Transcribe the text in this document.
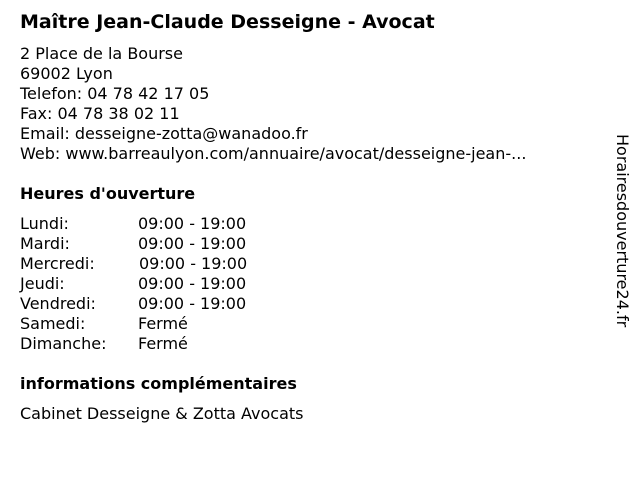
Maître Jean-Claude Desseigne - Avocat
2 Place de la Bourse
69002 Lyon
Telefon: 04 78 42 17 05
Fax: 04 78 38 02 11
Email: desseigne-zotta@wanadoo.fr
Web: www.barreaulyon.com/annuaire/avocat/desseigne-jean-...
Heures d'ouverture
Lundi:	09:00 - 19:00
Mardi:	09:00 - 19:00
Mercredi:	09:00 - 19:00
Jeudi:	09:00 - 19:00
Vendredi:	09:00 - 19:00
Samedi:	Fermé
Dimanche: Fermé
informations complémentaires
Cabinet Desseigne & Zotta Avocats
Horairesdouverture24.fr
